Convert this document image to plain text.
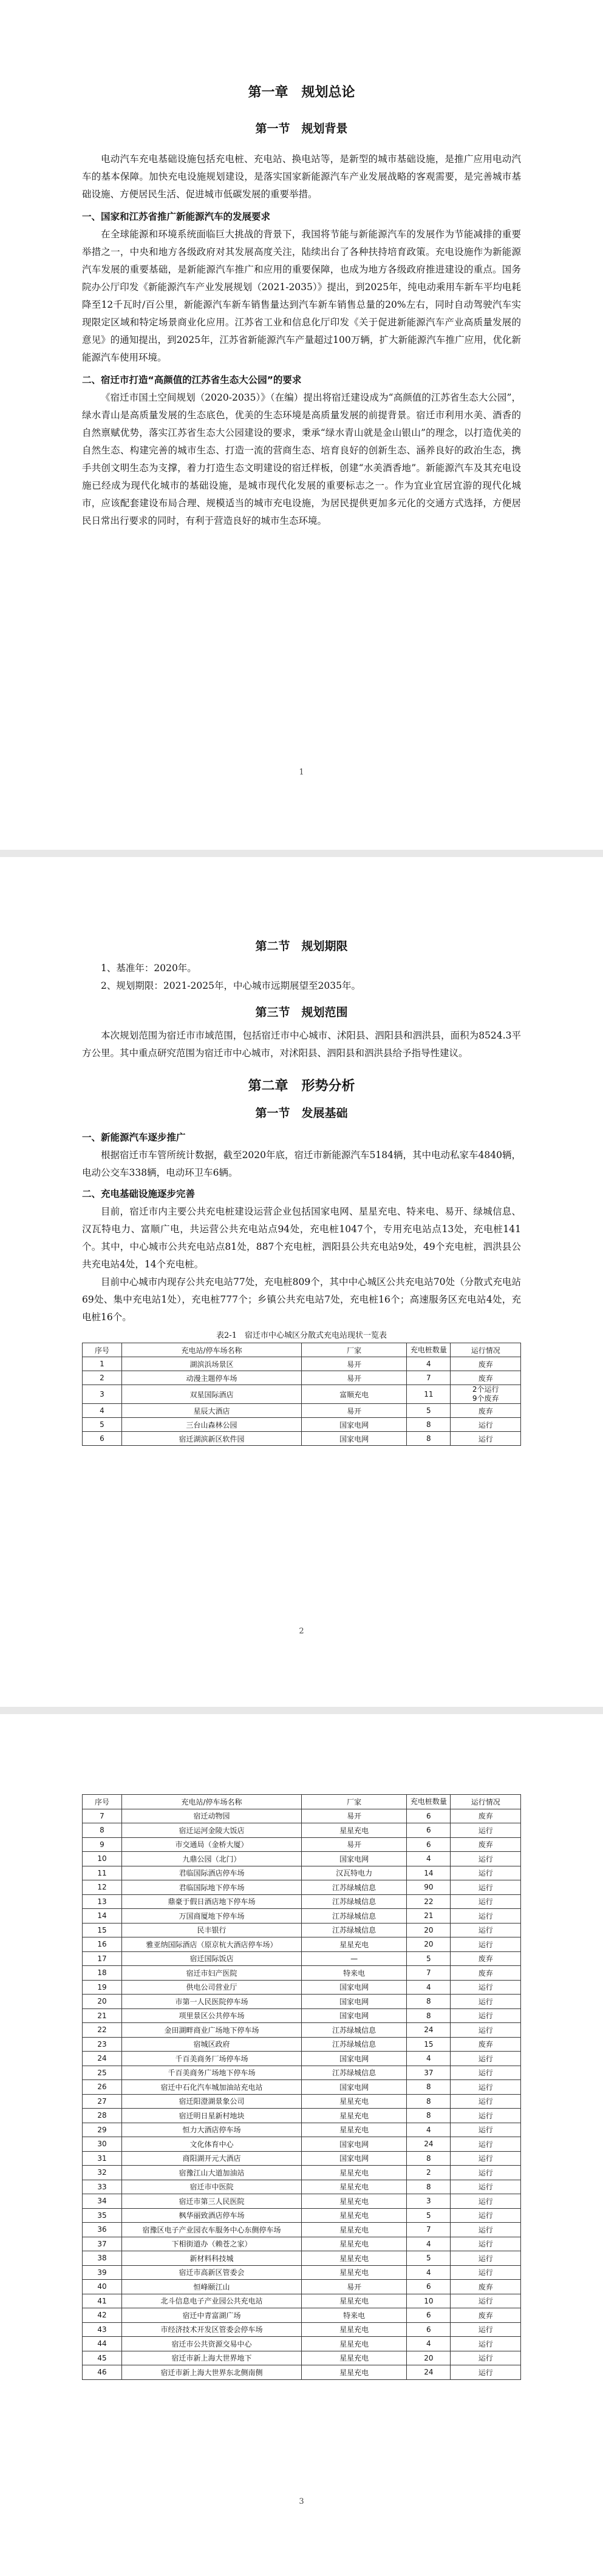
第一章　规划总论
第一节　规划背景

电动汽车充电基础设施包括充电桩、充电站、换电站等，是新型的城市基础设施，是推广应用电动汽车的基本保障。加快充电设施规划建设，是落实国家新能源汽车产业发展战略的客观需要，是完善城市基础设施、方便居民生活、促进城市低碳发展的重要举措。

一、国家和江苏省推广新能源汽车的发展要求

在全球能源和环境系统面临巨大挑战的背景下，我国将节能与新能源汽车的发展作为节能减排的重要举措之一，中央和地方各级政府对其发展高度关注，陆续出台了各种扶持培育政策。充电设施作为新能源汽车发展的重要基础，是新能源汽车推广和应用的重要保障，也成为地方各级政府推进建设的重点。国务院办公厅印发《新能源汽车产业发展规划（2021-2035）》提出，到2025年，纯电动乘用车新车平均电耗降至12千瓦时/百公里，新能源汽车新车销售量达到汽车新车销售总量的20%左右，同时自动驾驶汽车实现限定区域和特定场景商业化应用。江苏省工业和信息化厅印发《关于促进新能源汽车产业高质量发展的意见》的通知提出，到2025年，江苏省新能源汽车产量超过100万辆，扩大新能源汽车推广应用，优化新能源汽车使用环境。

二、宿迁市打造“高颜值的江苏省生态大公园”的要求

《宿迁市国土空间规划（2020-2035）》（在编）提出将宿迁建设成为“高颜值的江苏省生态大公园”，绿水青山是高质量发展的生态底色，优美的生态环境是高质量发展的前提背景。宿迁市利用水美、酒香的自然禀赋优势，落实江苏省生态大公园建设的要求，秉承“绿水青山就是金山银山”的理念，以打造优美的自然生态、构建完善的城市生态、打造一流的营商生态、培育良好的创新生态、涵养良好的政治生态，携手共创文明生态为支撑，着力打造生态文明建设的宿迁样板，创建“水美酒香地”。新能源汽车及其充电设施已经成为现代化城市的基础设施，是城市现代化发展的重要标志之一。作为宜业宜居宜游的现代化城市，应该配套建设布局合理、规模适当的城市充电设施，为居民提供更加多元化的交通方式选择，方便居民日常出行要求的同时，有利于营造良好的城市生态环境。

1
第二节　规划期限

1、基准年：2020年。

2、规划期限：2021-2025年，中心城市远期展望至2035年。

第三节　规划范围

本次规划范围为宿迁市市域范围，包括宿迁市中心城市、沭阳县、泗阳县和泗洪县，面积为8524.3平方公里。其中重点研究范围为宿迁市中心城市，对沭阳县、泗阳县和泗洪县给予指导性建议。

第二章　形势分析
第一节　发展基础
一、新能源汽车逐步推广

根据宿迁市车管所统计数据，截至2020年底，宿迁市新能源汽车5184辆，其中电动私家车4840辆，电动公交车338辆，电动环卫车6辆。

二、充电基础设施逐步完善

目前，宿迁市内主要公共充电桩建设运营企业包括国家电网、星星充电、特来电、易开、绿城信息、汉瓦特电力、富顺广电，共运营公共充电站点94处，充电桩1047个，专用充电站点13处，充电桩141个。其中，中心城市公共充电站点81处，887个充电桩，泗阳县公共充电站9处，49个充电桩，泗洪县公共充电站4处，14个充电桩。

目前中心城市内现存公共充电站77处，充电桩809个，其中中心城区公共充电站70处（分散式充电站69处、集中充电站1处），充电桩777个；乡镇公共充电站7处，充电桩16个；高速服务区充电站4处，充电桩16个。

表2-1　宿迁市中心城区分散式充电站现状一览表
序号	充电站/停车场名称	厂家	充电桩数量	运行情况
1	湖滨浜场景区	易开	4	废弃
2	动漫主题停车场	易开	7	废弃
3	双星国际酒店	富顺充电	11	2个运行
9个废弃
4	星辰大酒店	易开	5	废弃
5	三台山森林公园	国家电网	8	运行
6	宿迁湖滨新区软件园	国家电网	8	运行
2
序号	充电站/停车场名称	厂家	充电桩数量	运行情况
7	宿迁动物园	易开	6	废弃
8	宿迁运河金陵大饭店	星星充电	6	运行
9	市交通局（金桥大厦）	易开	6	废弃
10	九鼎公园（北门）	国家电网	4	运行
11	君临国际酒店停车场	汉瓦特电力	14	运行
12	君临国际地下停车场	江苏绿城信息	90	运行
13	鼎豪于假日酒店地下停车场	江苏绿城信息	22	运行
14	万国商厦地下停车场	江苏绿城信息	21	运行
15	民丰银行	江苏绿城信息	20	运行
16	雅亚纳国际酒店（原京杭大酒店停车场）	星星充电	20	运行
17	宿迁国际饭店	—	5	废弃
18	宿迁市妇产医院	特来电	7	废弃
19	供电公司营业厅	国家电网	4	运行
20	市第一人民医院停车场	国家电网	8	运行
21	项里景区公共停车场	国家电网	8	运行
22	金田湖畔商业广场地下停车场	江苏绿城信息	24	运行
23	宿城区政府	江苏绿城信息	15	废弃
24	千百美商务厂场停车场	国家电网	4	运行
25	千百美商务广场地下停车场	江苏绿城信息	37	运行
26	宿迁中石化汽车城加油站充电站	国家电网	8	运行
27	宿迁阳澄湖景象公司	星星充电	8	运行
28	宿迁明日星新村地块	星星充电	8	运行
29	恒力大酒店停车场	星星充电	4	运行
30	文化体育中心	国家电网	24	运行
31	商阳湖开元大酒店	国家电网	8	运行
32	宿豫江山大道加油站	星星充电	2	运行
33	宿迁市中医院	星星充电	8	运行
34	宿迁市第三人民医院	星星充电	3	运行
35	枫华丽致酒店停车场	星星充电	5	运行
36	宿豫区电子产业园衣车服务中心东侧停车场	星星充电	7	运行
37	下相街道办（赖苍之家）	星星充电	4	运行
38	新材料科技城	星星充电	5	运行
39	宿迁市高新区管委会	星星充电	4	运行
40	恒峰颐江山	易开	6	废弃
41	北斗信息电子产业园公共充电站	星星充电	10	运行
42	宿迁中青富湖广场	特来电	6	废弃
43	市经济技术开发区管委会停车场	星星充电	6	运行
44	宿迁市公共资源交易中心	星星充电	4	运行
45	宿迁市新上海大世界地下	星星充电	20	运行
46	宿迁市新上海大世界东北侧南侧	星星充电	24	运行
3
